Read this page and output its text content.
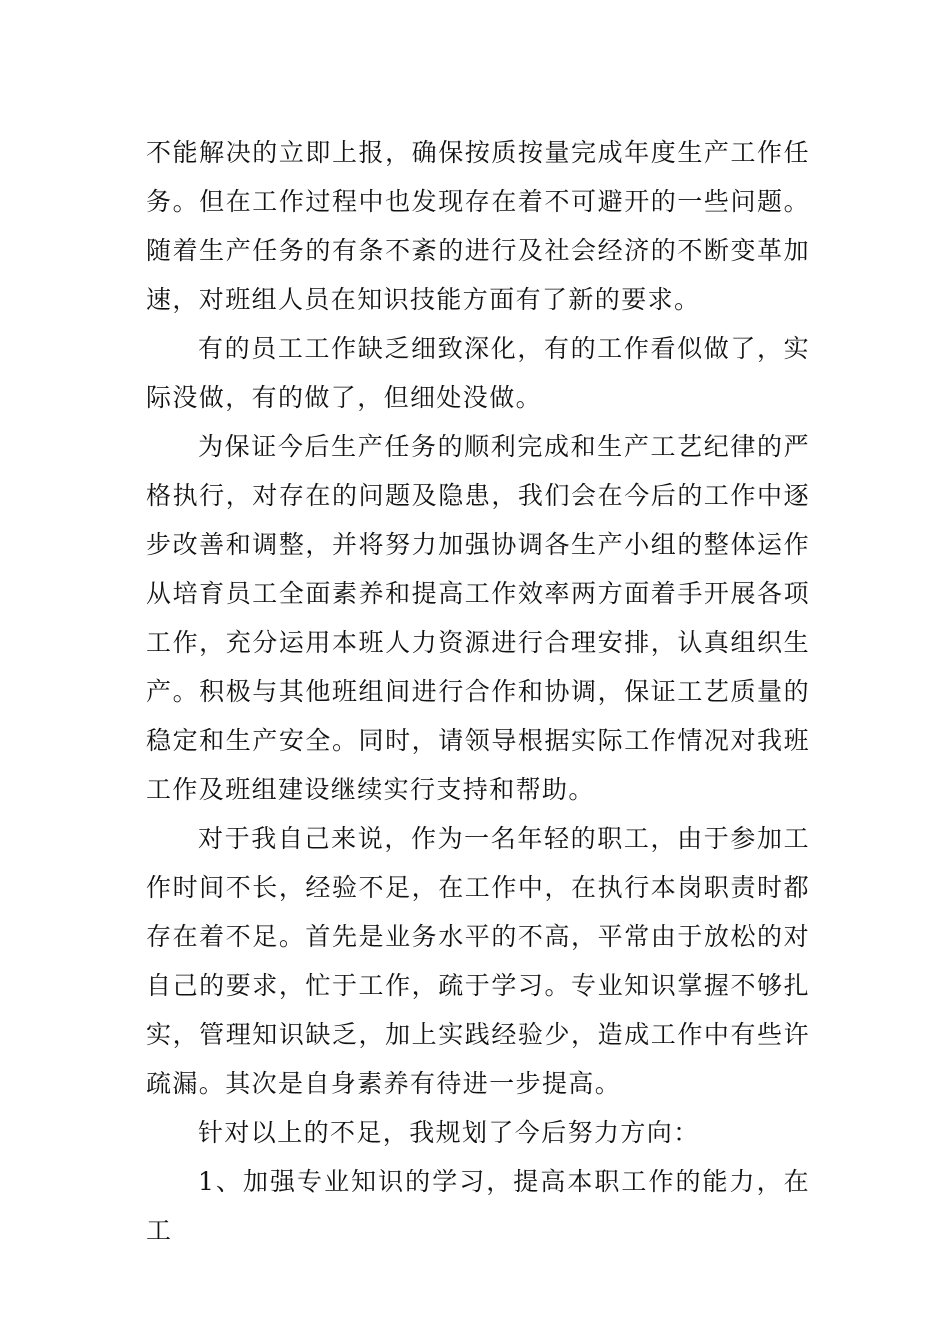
不能解决的立即上报，确保按质按量完成年度生产工作任务。但在工作过程中也发现存在着不可避开的一些问题。随着生产任务的有条不紊的进行及社会经济的不断变革加速，对班组人员在知识技能方面有了新的要求。

有的员工工作缺乏细致深化，有的工作看似做了，实际没做，有的做了，但细处没做。

为保证今后生产任务的顺利完成和生产工艺纪律的严格执行，对存在的问题及隐患，我们会在今后的工作中逐步改善和调整，并将努力加强协调各生产小组的整体运作从培育员工全面素养和提高工作效率两方面着手开展各项工作，充分运用本班人力资源进行合理安排，认真组织生产。积极与其他班组间进行合作和协调，保证工艺质量的稳定和生产安全。同时，请领导根据实际工作情况对我班工作及班组建设继续实行支持和帮助。

对于我自己来说，作为一名年轻的职工，由于参加工作时间不长，经验不足，在工作中，在执行本岗职责时都存在着不足。首先是业务水平的不高，平常由于放松的对自己的要求，忙于工作，疏于学习。专业知识掌握不够扎实，管理知识缺乏，加上实践经验少，造成工作中有些许疏漏。其次是自身素养有待进一步提高。

针对以上的不足，我规划了今后努力方向：

1、加强专业知识的学习，提高本职工作的能力，在工
